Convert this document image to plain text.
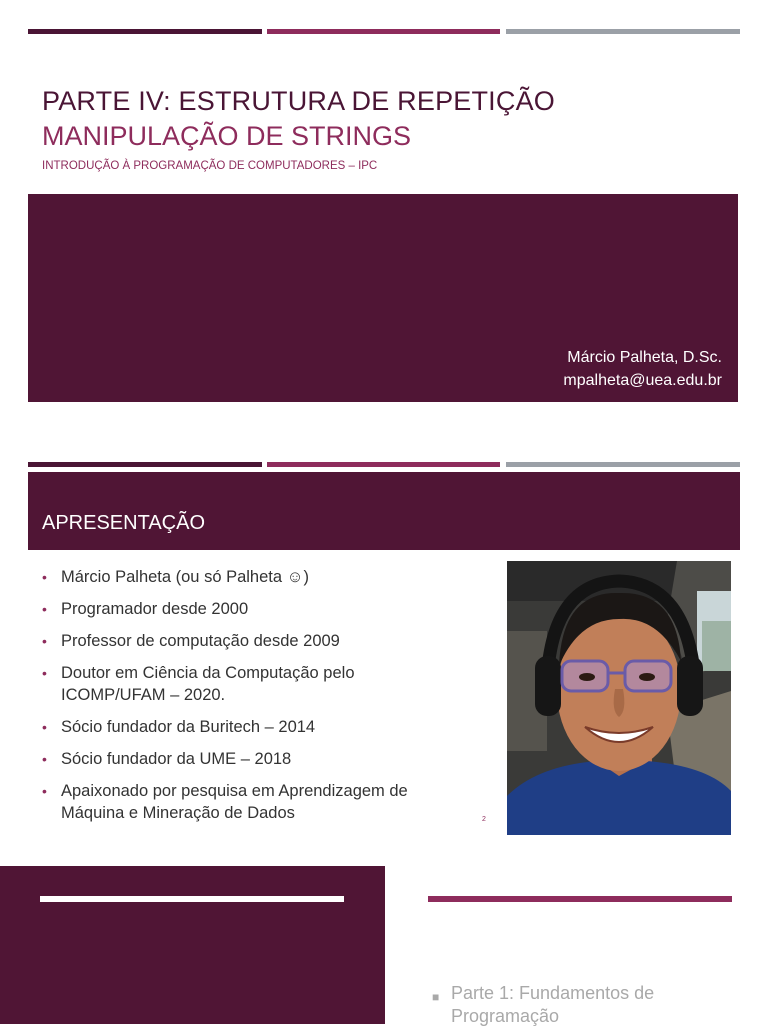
PARTE IV: ESTRUTURA DE REPETIÇÃO
MANIPULAÇÃO DE STRINGS
INTRODUÇÃO À PROGRAMAÇÃO DE COMPUTADORES – IPC
Márcio Palheta, D.Sc.
mpalheta@uea.edu.br
APRESENTAÇÃO
• Márcio Palheta (ou só Palheta ☺)
• Programador desde 2000
• Professor de computação desde 2009
• Doutor em Ciência da Computação pelo ICOMP/UFAM – 2020.
• Sócio fundador da Buritech – 2014
• Sócio fundador da UME – 2018
• Apaixonado por pesquisa em Aprendizagem de Máquina e Mineração de Dados	2
■ Parte 1: Fundamentos de Programação
